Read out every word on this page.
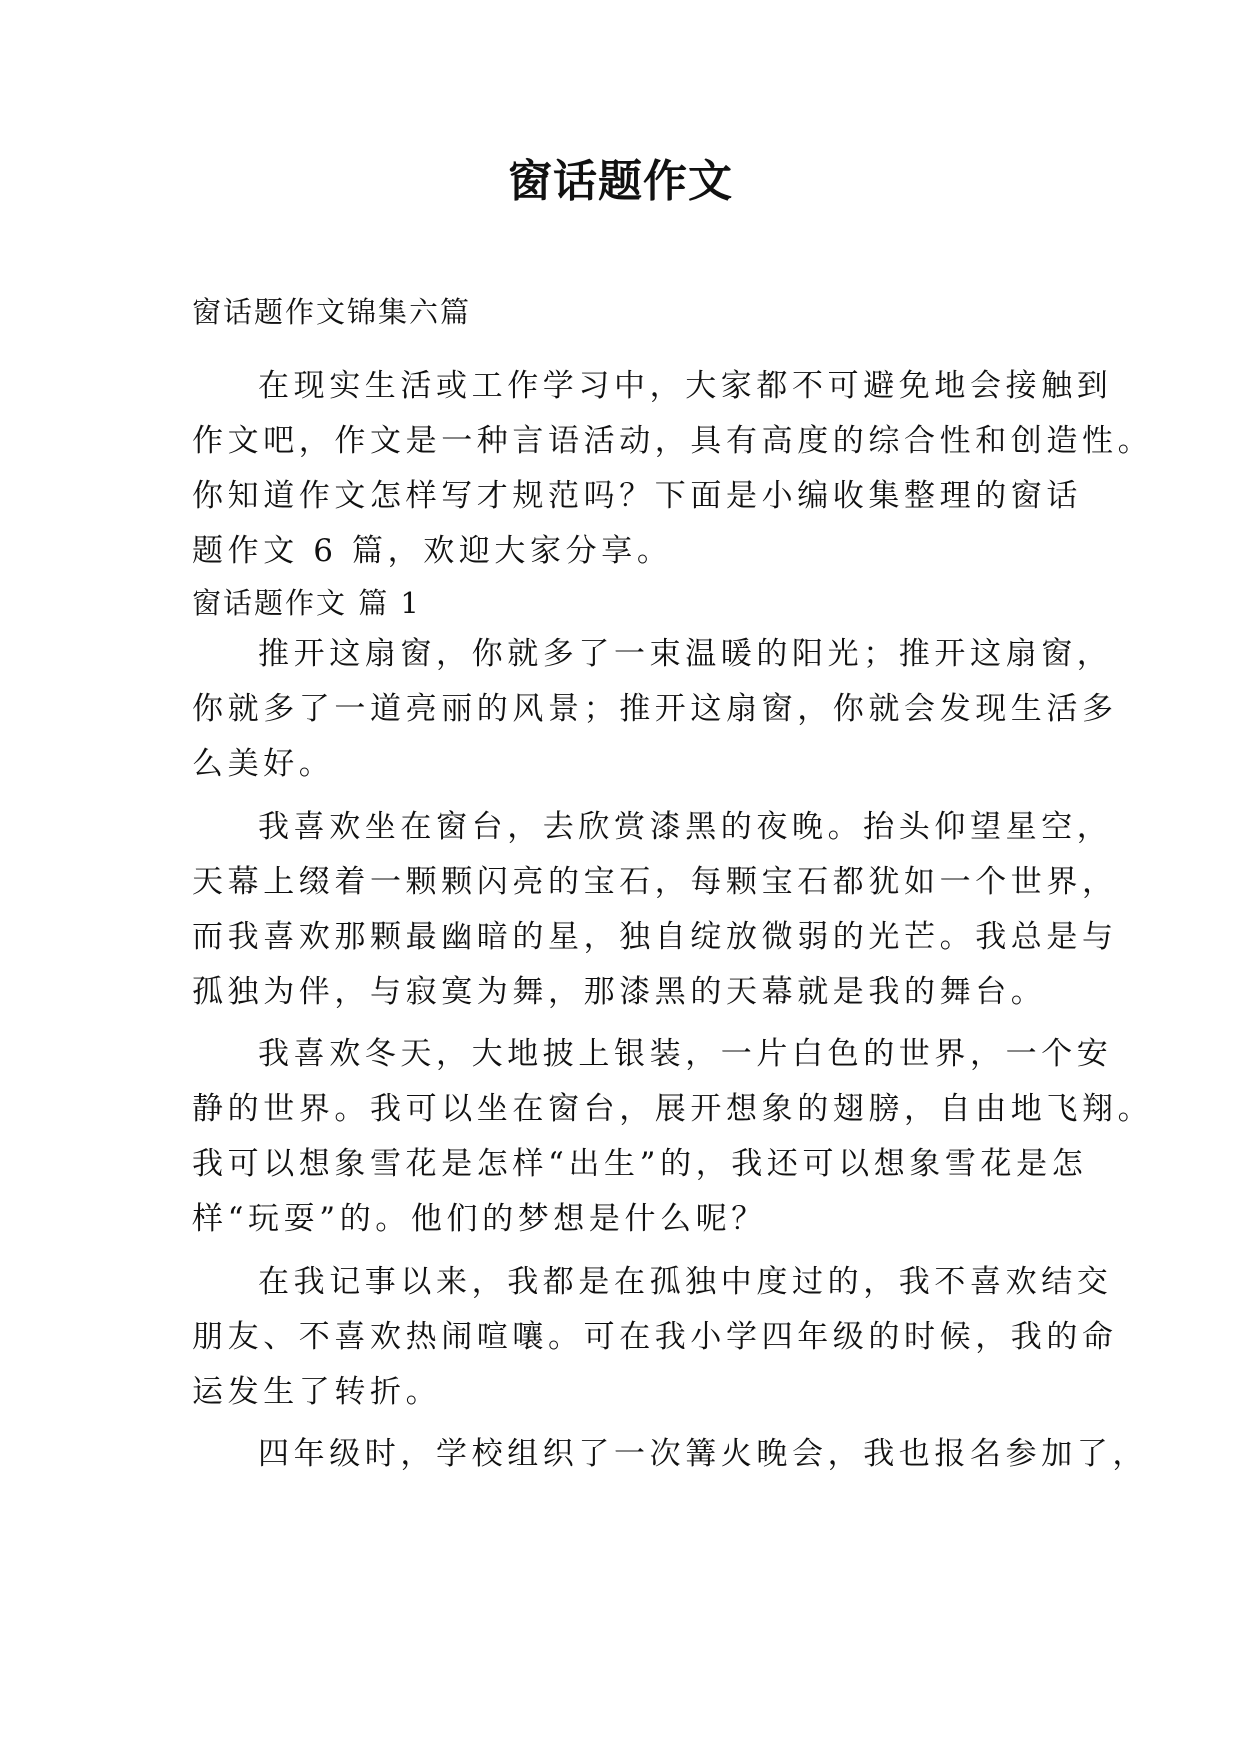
窗话题作文
窗话题作文锦集六篇
在现实生活或工作学习中，大家都不可避免地会接触到
作文吧，作文是一种言语活动，具有高度的综合性和创造性。
你知道作文怎样写才规范吗？下面是小编收集整理的窗话
题作文 6 篇，欢迎大家分享。
窗话题作文 篇 1
推开这扇窗，你就多了一束温暖的阳光；推开这扇窗，
你就多了一道亮丽的风景；推开这扇窗，你就会发现生活多
么美好。
我喜欢坐在窗台，去欣赏漆黑的夜晚。抬头仰望星空，
天幕上缀着一颗颗闪亮的宝石，每颗宝石都犹如一个世界，
而我喜欢那颗最幽暗的星，独自绽放微弱的光芒。我总是与
孤独为伴，与寂寞为舞，那漆黑的天幕就是我的舞台。
我喜欢冬天，大地披上银装，一片白色的世界，一个安
静的世界。我可以坐在窗台，展开想象的翅膀，自由地飞翔。
我可以想象雪花是怎样“出生”的，我还可以想象雪花是怎
样“玩耍”的。他们的梦想是什么呢？
在我记事以来，我都是在孤独中度过的，我不喜欢结交
朋友、不喜欢热闹喧嚷。可在我小学四年级的时候，我的命
运发生了转折。
四年级时，学校组织了一次篝火晚会，我也报名参加了，
